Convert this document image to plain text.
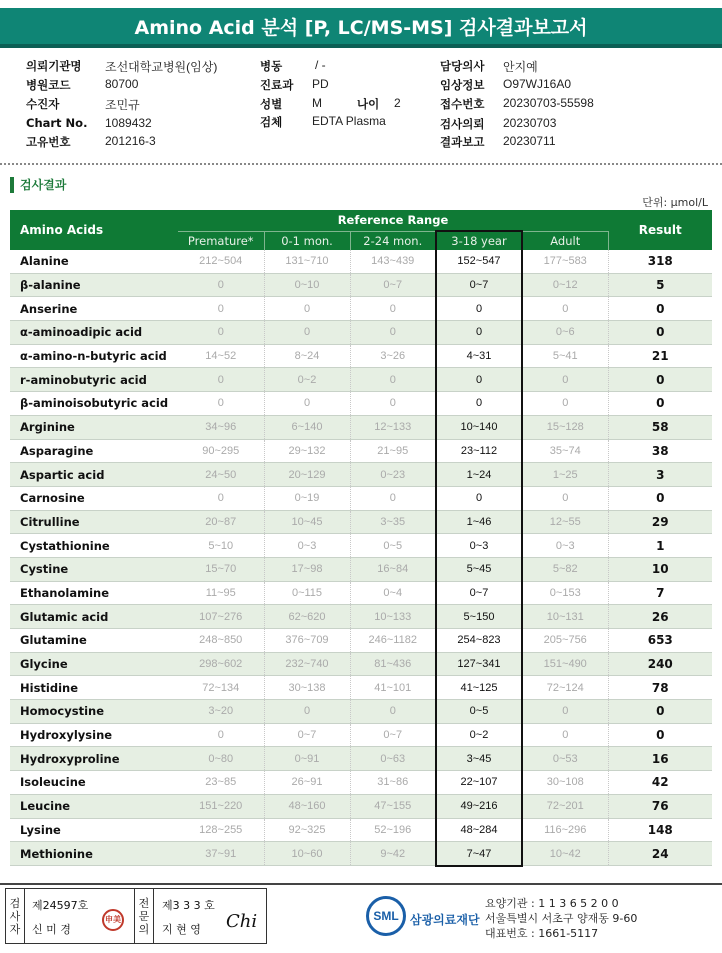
Amino Acid 분석 [P, LC/MS-MS] 검사결과보고서
의뢰기관명 조선대학교병원(임상)
병원코드	80700
수진자	조민규
Chart No. 1089432
고유번호	201216-3
병동	/ -
진료과 PD
성별 M	나이 2
검체 EDTA Plasma
담당의사 안지예
임상정보 O97WJ16A0
접수번호 20230703-55598
검사의뢰 20230703
결과보고 20230711
검사결과
단위: μmol/L
Amino Acids	Reference Range					Result
	Premature*	0-1 mon.	2-24 mon.	3-18 year	Adult	
Alanine	212~504	131~710	143~439	152~547	177~583	318
β-alanine	0	0~10	0~7	0~7	0~12	5
Anserine	0	0	0	0	0	0
α-aminoadipic acid	0	0	0	0	0~6	0
α-amino-n-butyric acid	14~52	8~24	3~26	4~31	5~41	21
r-aminobutyric acid	0	0~2	0	0	0	0
β-aminoisobutyric acid	0	0	0	0	0	0
Arginine	34~96	6~140	12~133	10~140	15~128	58
Asparagine	90~295	29~132	21~95	23~112	35~74	38
Aspartic acid	24~50	20~129	0~23	1~24	1~25	3
Carnosine	0	0~19	0	0	0	0
Citrulline	20~87	10~45	3~35	1~46	12~55	29
Cystathionine	5~10	0~3	0~5	0~3	0~3	1
Cystine	15~70	17~98	16~84	5~45	5~82	10
Ethanolamine	11~95	0~115	0~4	0~7	0~153	7
Glutamic acid	107~276	62~620	10~133	5~150	10~131	26
Glutamine	248~850	376~709	246~1182	254~823	205~756	653
Glycine	298~602	232~740	81~436	127~341	151~490	240
Histidine	72~134	30~138	41~101	41~125	72~124	78
Homocystine	3~20	0	0	0~5	0	0
Hydroxylysine	0	0~7	0~7	0~2	0	0
Hydroxyproline	0~80	0~91	0~63	3~45	0~53	16
Isoleucine	23~85	26~91	31~86	22~107	30~108	42
Leucine	151~220	48~160	47~155	49~216	72~201	76
Lysine	128~255	92~325	52~196	48~284	116~296	148
Methionine	37~91	10~60	9~42	7~47	10~42	24
검
사
자
제24597호
신 미 경
申美
전
문
의
제3 3 3 호
지 현 영 Chi	SML 삼광의료재단
요양기관 : 1 1 3 6 5 2 0 0
서울특별시 서초구 양재동 9-60
대표번호 : 1661-5117
